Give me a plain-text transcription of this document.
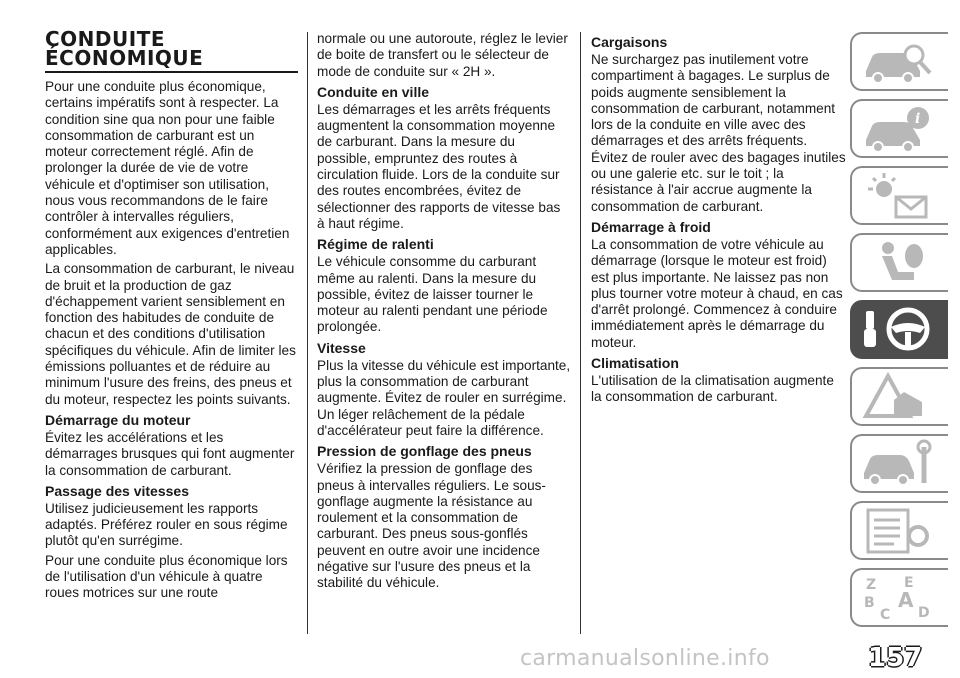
CONDUITE
ÉCONOMIQUE

Pour une conduite plus économique, certains impératifs sont à respecter. La condition sine qua non pour une faible consommation de carburant est un moteur correctement réglé. Afin de prolonger la durée de vie de votre véhicule et d'optimiser son utilisation, nous vous recommandons de le faire contrôler à intervalles réguliers, conformément aux exigences d'entretien applicables.

La consommation de carburant, le niveau de bruit et la production de gaz d'échappement varient sensiblement en fonction des habitudes de conduite de chacun et des conditions d'utilisation spécifiques du véhicule. Afin de limiter les émissions polluantes et de réduire au minimum l'usure des freins, des pneus et du moteur, respectez les points suivants.

Démarrage du moteur

Évitez les accélérations et les démarrages brusques qui font augmenter la consommation de carburant.

Passage des vitesses

Utilisez judicieusement les rapports adaptés. Préférez rouler en sous régime plutôt qu'en surrégime.

Pour une conduite plus économique lors de l'utilisation d'un véhicule à quatre roues motrices sur une route

normale ou une autoroute, réglez le levier de boite de transfert ou le sélecteur de mode de conduite sur « 2H ».

Conduite en ville

Les démarrages et les arrêts fréquents augmentent la consommation moyenne de carburant. Dans la mesure du possible, empruntez des routes à circulation fluide. Lors de la conduite sur des routes encombrées, évitez de sélectionner des rapports de vitesse bas à haut régime.

Régime de ralenti

Le véhicule consomme du carburant même au ralenti. Dans la mesure du possible, évitez de laisser tourner le moteur au ralenti pendant une période prolongée.

Vitesse

Plus la vitesse du véhicule est importante, plus la consommation de carburant augmente. Évitez de rouler en surrégime. Un léger relâchement de la pédale d'accélérateur peut faire la différence.

Pression de gonflage des pneus

Vérifiez la pression de gonflage des pneus à intervalles réguliers. Le sous-gonflage augmente la résistance au roulement et la consommation de carburant. Des pneus sous-gonflés peuvent en outre avoir une incidence négative sur l'usure des pneus et la stabilité du véhicule.

Cargaisons

Ne surchargez pas inutilement votre compartiment à bagages. Le surplus de poids augmente sensiblement la consommation de carburant, notamment lors de la conduite en ville avec des démarrages et des arrêts fréquents. Évitez de rouler avec des bagages inutiles ou une galerie etc. sur le toit ; la résistance à l'air accrue augmente la consommation de carburant.

Démarrage à froid

La consommation de votre véhicule au démarrage (lorsque le moteur est froid) est plus importante. Ne laissez pas non plus tourner votre moteur à chaud, en cas d'arrêt prolongé. Commencez à conduire immédiatement après le démarrage du moteur.

Climatisation

L'utilisation de la climatisation augmente la consommation de carburant.

i
Z E
B A
C D
carmanualsonline.info	157
